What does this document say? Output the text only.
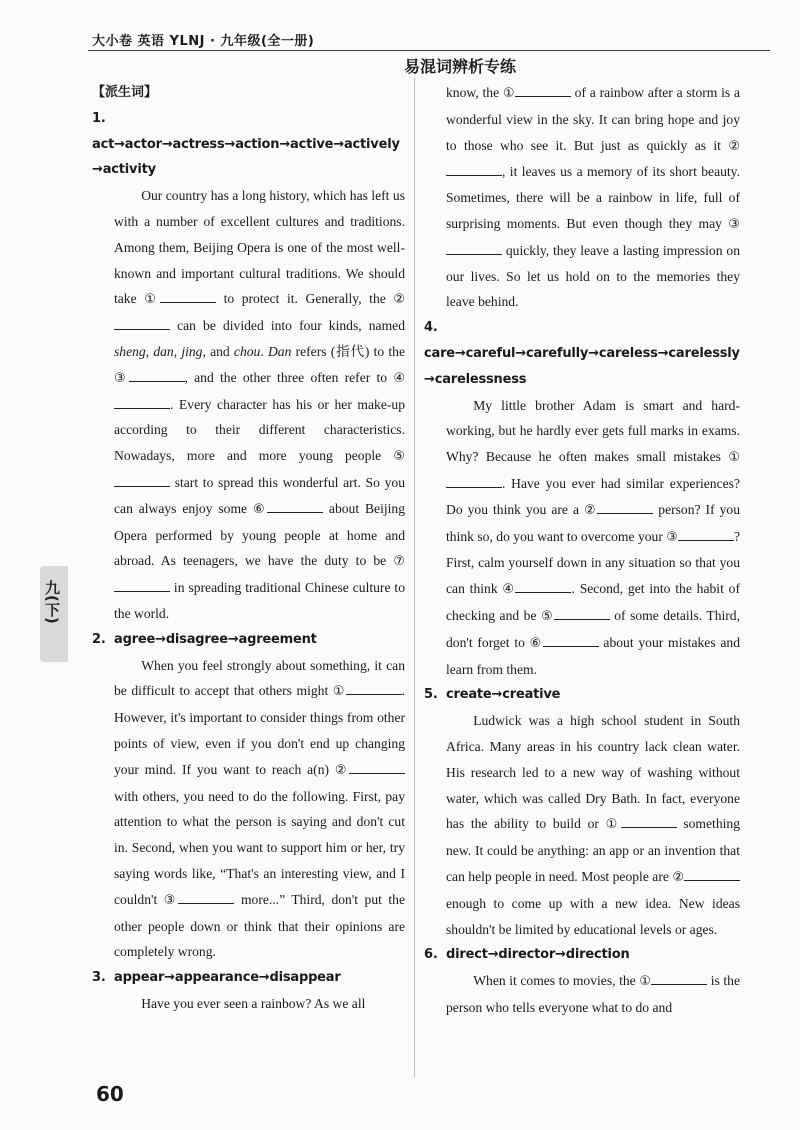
大小卷 英语 YLNJ · 九年级(全一册)
易混词辨析专练
九(下)
【派生词】
1.act→actor→actress→action→active→actively
→activity

Our country has a long history, which has left us with a number of excellent cultures and traditions. Among them, Beijing Opera is one of the most well-known and important cultural traditions. We should take ①	to protect it. Generally, the ② can be divided into four kinds, named sheng, dan, jing, and chou. Dan refers (指代) to the ③	, and the other three often refer to ④. Every character has his or her make-up according to their different characteristics. Nowadays, more and more young people ⑤ start to spread this wonderful art. So you can always enjoy some ⑥	about Beijing Opera performed by young people at home and abroad. As teenagers, we have the duty to be ⑦ in spreading traditional Chinese culture to the world.

2. agree→disagree→agreement

When you feel strongly about something, it can be difficult to accept that others might ①	. However, it's important to consider things from other points of view, even if you don't end up changing your mind. If you want to reach a(n) ② with others, you need to do the following. First, pay attention to what the person is saying and don't cut in. Second, when you want to support him or her, try saying words like, “That's an interesting view, and I couldn't ③	more...” Third, don't put the other people down or think that their opinions are completely wrong.

3. appear→appearance→disappear

Have you ever seen a rainbow? As we all

know, the ①	of a rainbow after a storm is a wonderful view in the sky. It can bring hope and joy to those who see it. But just as quickly as it ②, it leaves us a memory of its short beauty. Sometimes, there will be a rainbow in life, full of surprising moments. But even though they may ③ quickly, they leave a lasting impression on our lives. So let us hold on to the memories they leave behind.

4.care→careful→carefully→careless→carelessly
→carelessness

My little brother Adam is smart and hard-working, but he hardly ever gets full marks in exams. Why? Because he often makes small mistakes ①. Have you ever had similar experiences? Do you think you are a ②	person? If you think so, do you want to overcome your ③	? First, calm yourself down in any situation so that you can think ④	. Second, get into the habit of checking and be ⑤	of some details. Third, don't forget to ⑥	about your mistakes and learn from them.

5. create→creative

Ludwick was a high school student in South Africa. Many areas in his country lack clean water. His research led to a new way of washing without water, which was called Dry Bath. In fact, everyone has the ability to build or ①	something new. It could be anything: an app or an invention that can help people in need. Most people are ② enough to come up with a new idea. New ideas shouldn't be limited by educational levels or ages.

6. direct→director→direction

When it comes to movies, the ①	is the person who tells everyone what to do and

60
